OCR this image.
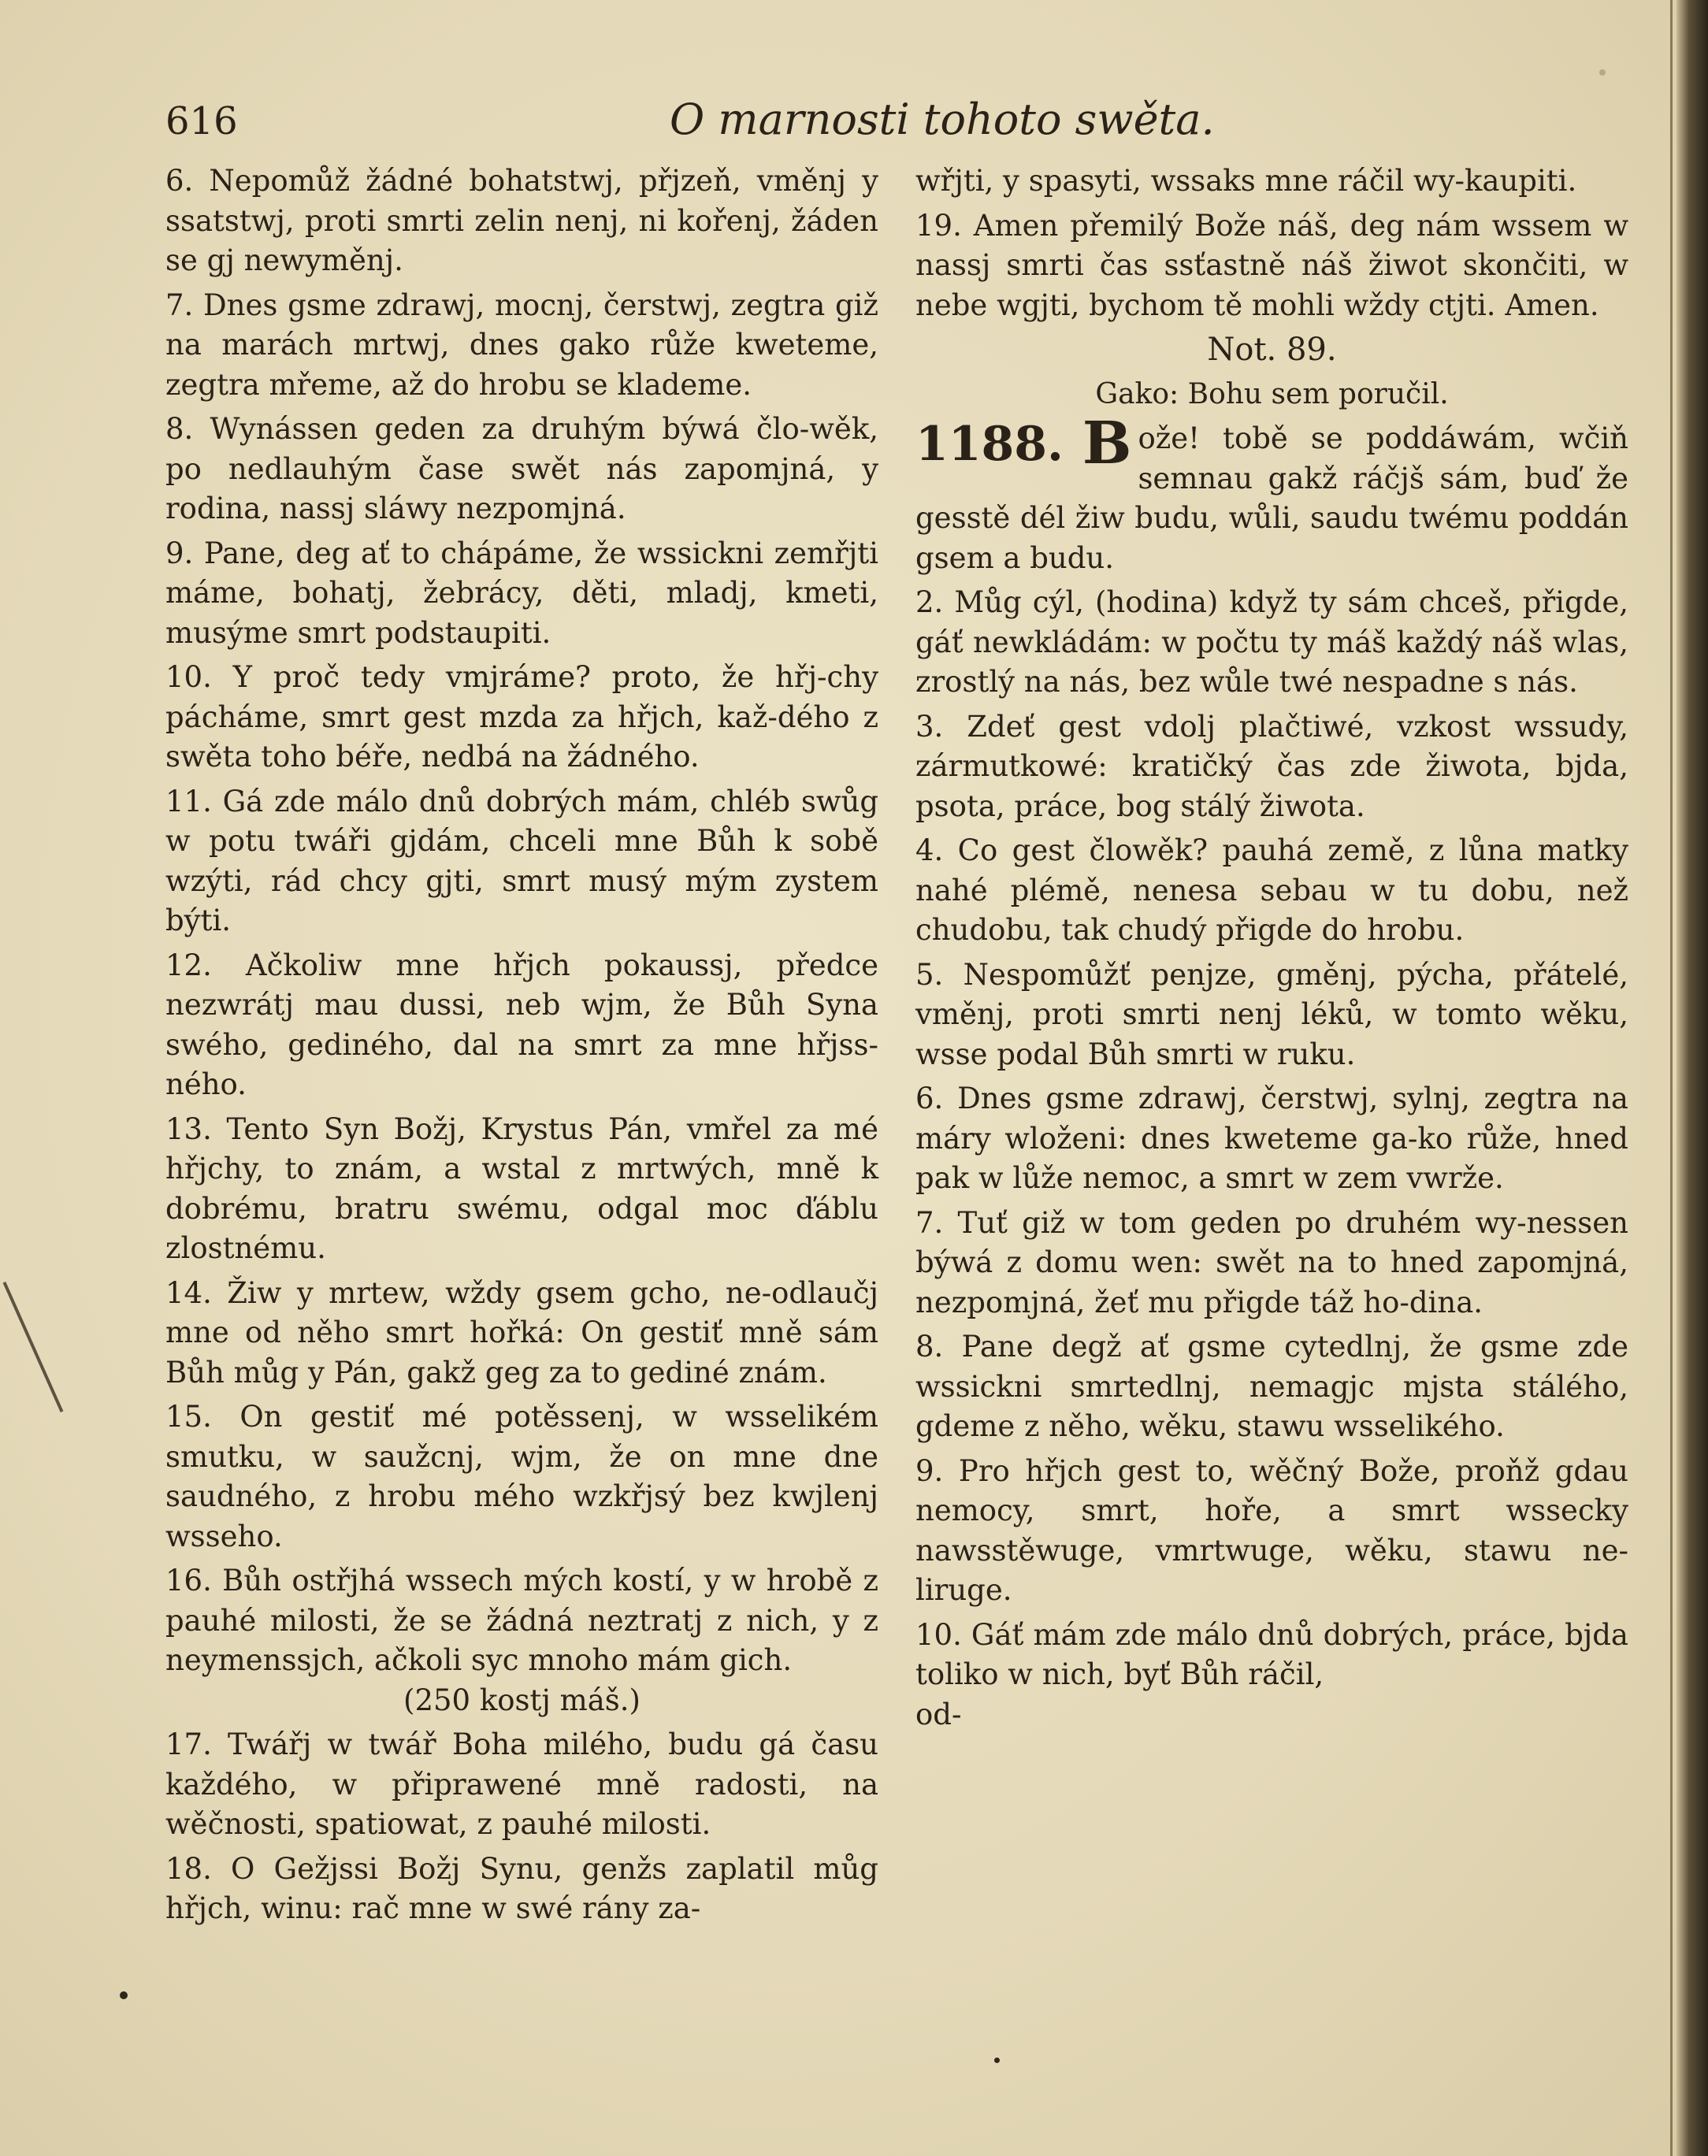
616	O marnosti tohoto swěta.

6. Nepomůž žádné bohatstwj, přjzeň, vměnj y ssatstwj, proti smrti zelin nenj, ni kořenj, žáden se gj newyměnj.

7. Dnes gsme zdrawj, mocnj, čerstwj, zegtra giž na marách mrtwj, dnes gako růže kweteme, zegtra mřeme, až do hrobu se klademe.

8. Wynássen geden za druhým býwá člo-wěk, po nedlauhým čase swět nás zapomjná, y rodina, nassj sláwy nezpomjná.

9. Pane, deg ať to chápáme, že wssickni zemřjti máme, bohatj, žebrácy, děti, mladj, kmeti, musýme smrt podstaupiti.

10. Y proč tedy vmjráme? proto, že hřj-chy pácháme, smrt gest mzda za hřjch, kaž-dého z swěta toho béře, nedbá na žádného.

11. Gá zde málo dnů dobrých mám, chléb swůg w potu twáři gjdám, chceli mne Bůh k sobě wzýti, rád chcy gjti, smrt musý mým zystem býti.

12. Ačkoliw mne hřjch pokaussj, předce nezwrátj mau dussi, neb wjm, že Bůh Syna swého, gediného, dal na smrt za mne hřjss-ného.

13. Tento Syn Božj, Krystus Pán, vmřel za mé hřjchy, to znám, a wstal z mrtwých, mně k dobrému, bratru swému, odgal moc ďáblu zlostnému.

14. Žiw y mrtew, wždy gsem gcho, ne-odlaučj mne od něho smrt hořká: On gestiť mně sám Bůh můg y Pán, gakž geg za to gediné znám.

15. On gestiť mé potěssenj, w wsselikém smutku, w saužcnj, wjm, že on mne dne saudného, z hrobu mého wzkřjsý bez kwjlenj wsseho.

16. Bůh ostřjhá wssech mých kostí, y w hrobě z pauhé milosti, že se žádná neztratj z nich, y z neymenssjch, ačkoli syc mnoho mám gich.

(250 kostj máš.)

17. Twářj w twář Boha milého, budu gá času každého, w připrawené mně radosti, na wěčnosti, spatiowat, z pauhé milosti.

18. O Gežjssi Božj Synu, genžs zaplatil můg hřjch, winu: rač mne w swé rány za-

wřjti, y spasyti, wssaks mne ráčil wy-kaupiti.

19. Amen přemilý Bože náš, deg nám wssem w nassj smrti čas ssťastně náš žiwot skončiti, w nebe wgjti, bychom tě mohli wždy ctjti. Amen.

Not. 89.

Gako: Bohu sem poručil.

1188. B ože! tobě se poddáwám, wčiň semnau gakž ráčjš sám, buď že gesstě dél žiw budu, wůli, saudu twému poddán gsem a budu.

2. Můg cýl, (hodina) když ty sám chceš, přigde, gáť newkládám: w počtu ty máš každý náš wlas, zrostlý na nás, bez wůle twé nespadne s nás.

3. Zdeť gest vdolj plačtiwé, vzkost wssudy, zármutkowé: kratičký čas zde žiwota, bjda, psota, práce, bog stálý žiwota.

4. Co gest člowěk? pauhá země, z lůna matky nahé plémě, nenesa sebau w tu dobu, než chudobu, tak chudý přigde do hrobu.

5. Nespomůžť penjze, gměnj, pýcha, přátelé, vměnj, proti smrti nenj léků, w tomto wěku, wsse podal Bůh smrti w ruku.

6. Dnes gsme zdrawj, čerstwj, sylnj, zegtra na máry wloženi: dnes kweteme ga-ko růže, hned pak w lůže nemoc, a smrt w zem vwrže.

7. Tuť giž w tom geden po druhém wy-nessen býwá z domu wen: swět na to hned zapomjná, nezpomjná, žeť mu přigde táž ho-dina.

8. Pane degž ať gsme cytedlnj, že gsme zde wssickni smrtedlnj, nemagjc mjsta stálého, gdeme z něho, wěku, stawu wsselikého.

9. Pro hřjch gest to, wěčný Bože, proňž gdau nemocy, smrt, hoře, a smrt wssecky nawsstěwuge, vmrtwuge, wěku, stawu ne-liruge.

10. Gáť mám zde málo dnů dobrých, práce, bjda toliko w nich, byť Bůh ráčil,

od-
